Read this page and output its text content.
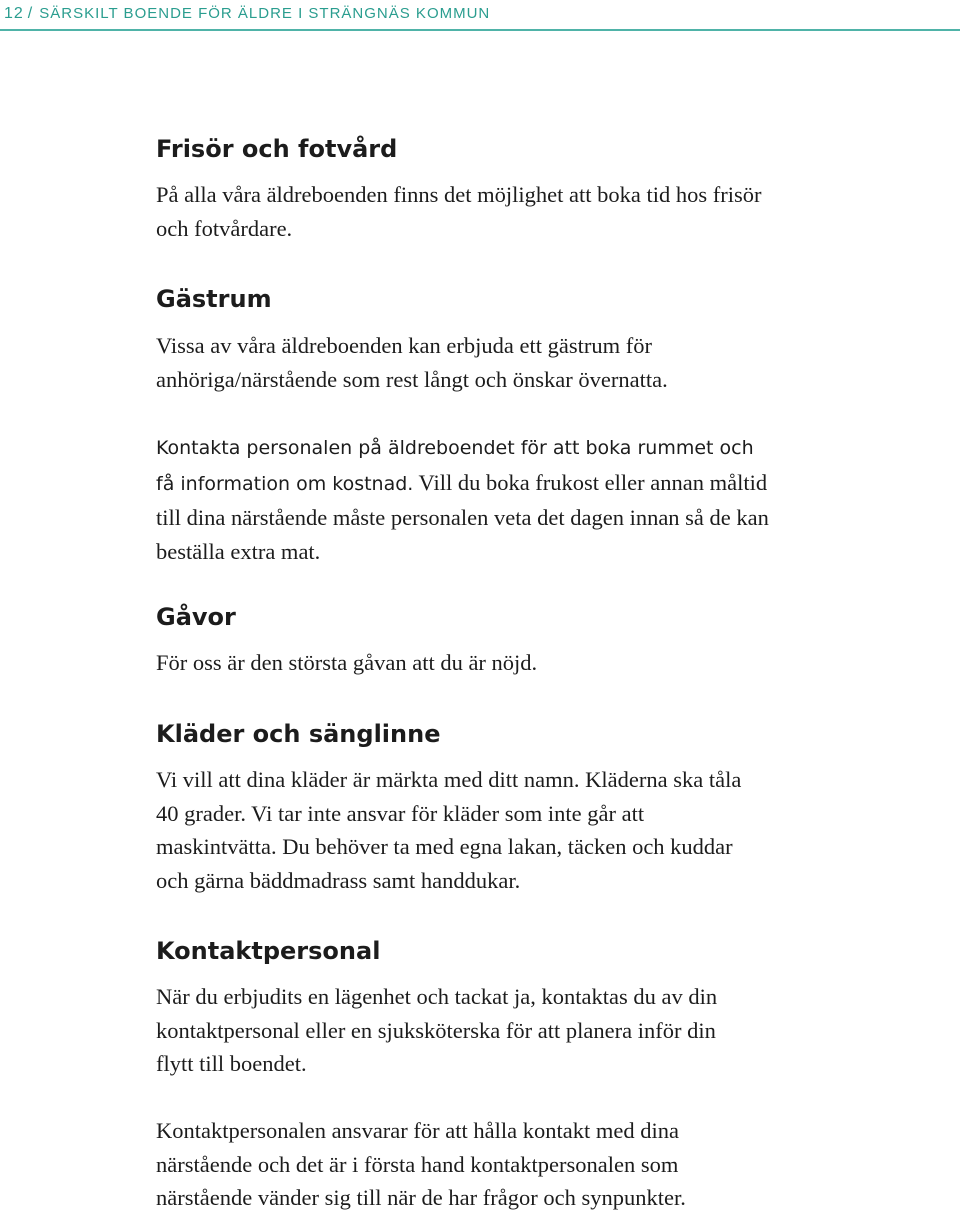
12 / SÄRSKILT BOENDE FÖR ÄLDRE I STRÄNGNÄS KOMMUN
Frisör och fotvård

På alla våra äldreboenden finns det möjlighet att boka tid hos frisör och fotvårdare.

Gästrum

Vissa av våra äldreboenden kan erbjuda ett gästrum för anhöriga/närstående som rest långt och önskar övernatta.

Kontakta personalen på äldreboendet för att boka rummet och få information om kostnad. Vill du boka frukost eller annan måltid till dina närstående måste personalen veta det dagen innan så de kan beställa extra mat.

Gåvor

För oss är den största gåvan att du är nöjd.

Kläder och sänglinne

Vi vill att dina kläder är märkta med ditt namn. Kläderna ska tåla 40 grader. Vi tar inte ansvar för kläder som inte går att maskintvätta. Du behöver ta med egna lakan, täcken och kuddar och gärna bäddmadrass samt handdukar.

Kontaktpersonal

När du erbjudits en lägenhet och tackat ja, kontaktas du av din kontaktpersonal eller en sjuksköterska för att planera inför din flytt till boendet.

Kontaktpersonalen ansvarar för att hålla kontakt med dina närstående och det är i första hand kontaktpersonalen som närstående vänder sig till när de har frågor och synpunkter.
